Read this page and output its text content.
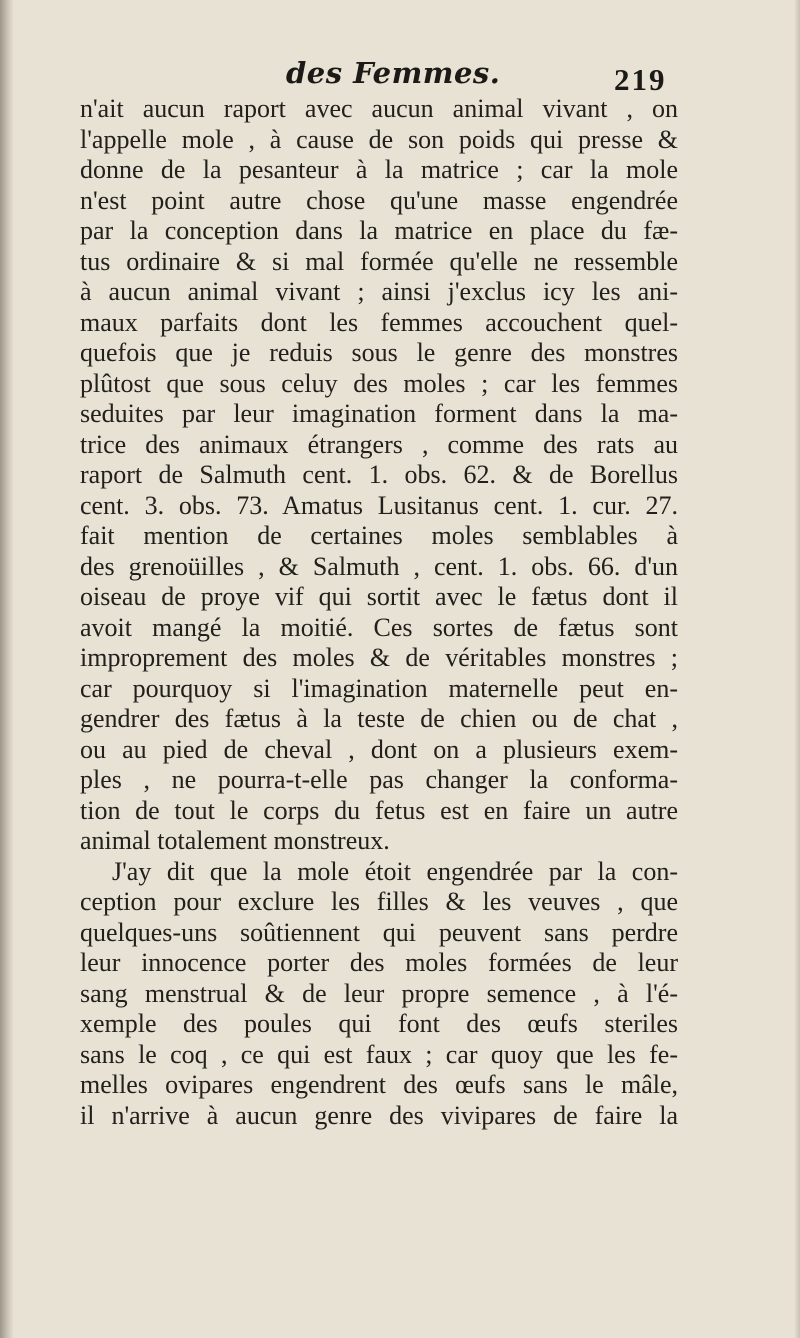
des Femmes.	219
n'ait aucun raport avec aucun animal vivant , on
l'appelle mole , à cause de son poids qui presse &
donne de la pesanteur à la matrice ; car la mole
n'est point autre chose qu'une masse engendrée
par la conception dans la matrice en place du fæ-
tus ordinaire & si mal formée qu'elle ne ressemble
à aucun animal vivant ; ainsi j'exclus icy les ani-
maux parfaits dont les femmes accouchent quel-
quefois que je reduis sous le genre des monstres
plûtost que sous celuy des moles ; car les femmes
seduites par leur imagination forment dans la ma-
trice des animaux étrangers , comme des rats au
raport de Salmuth cent. 1. obs. 62. & de Borellus
cent. 3. obs. 73. Amatus Lusitanus cent. 1. cur. 27.
fait mention de certaines moles semblables à
des grenoüilles , & Salmuth , cent. 1. obs. 66. d'un
oiseau de proye vif qui sortit avec le fætus dont il
avoit mangé la moitié. Ces sortes de fætus sont
improprement des moles & de véritables monstres ;
car pourquoy si l'imagination maternelle peut en-
gendrer des fætus à la teste de chien ou de chat ,
ou au pied de cheval , dont on a plusieurs exem-
ples , ne pourra-t-elle pas changer la conforma-
tion de tout le corps du fetus est en faire un autre
animal totalement monstreux.
J'ay dit que la mole étoit engendrée par la con-
ception pour exclure les filles & les veuves , que
quelques-uns soûtiennent qui peuvent sans perdre
leur innocence porter des moles formées de leur
sang menstrual & de leur propre semence , à l'é-
xemple des poules qui font des œufs steriles
sans le coq , ce qui est faux ; car quoy que les fe-
melles ovipares engendrent des œufs sans le mâle,
il n'arrive à aucun genre des vivipares de faire la
